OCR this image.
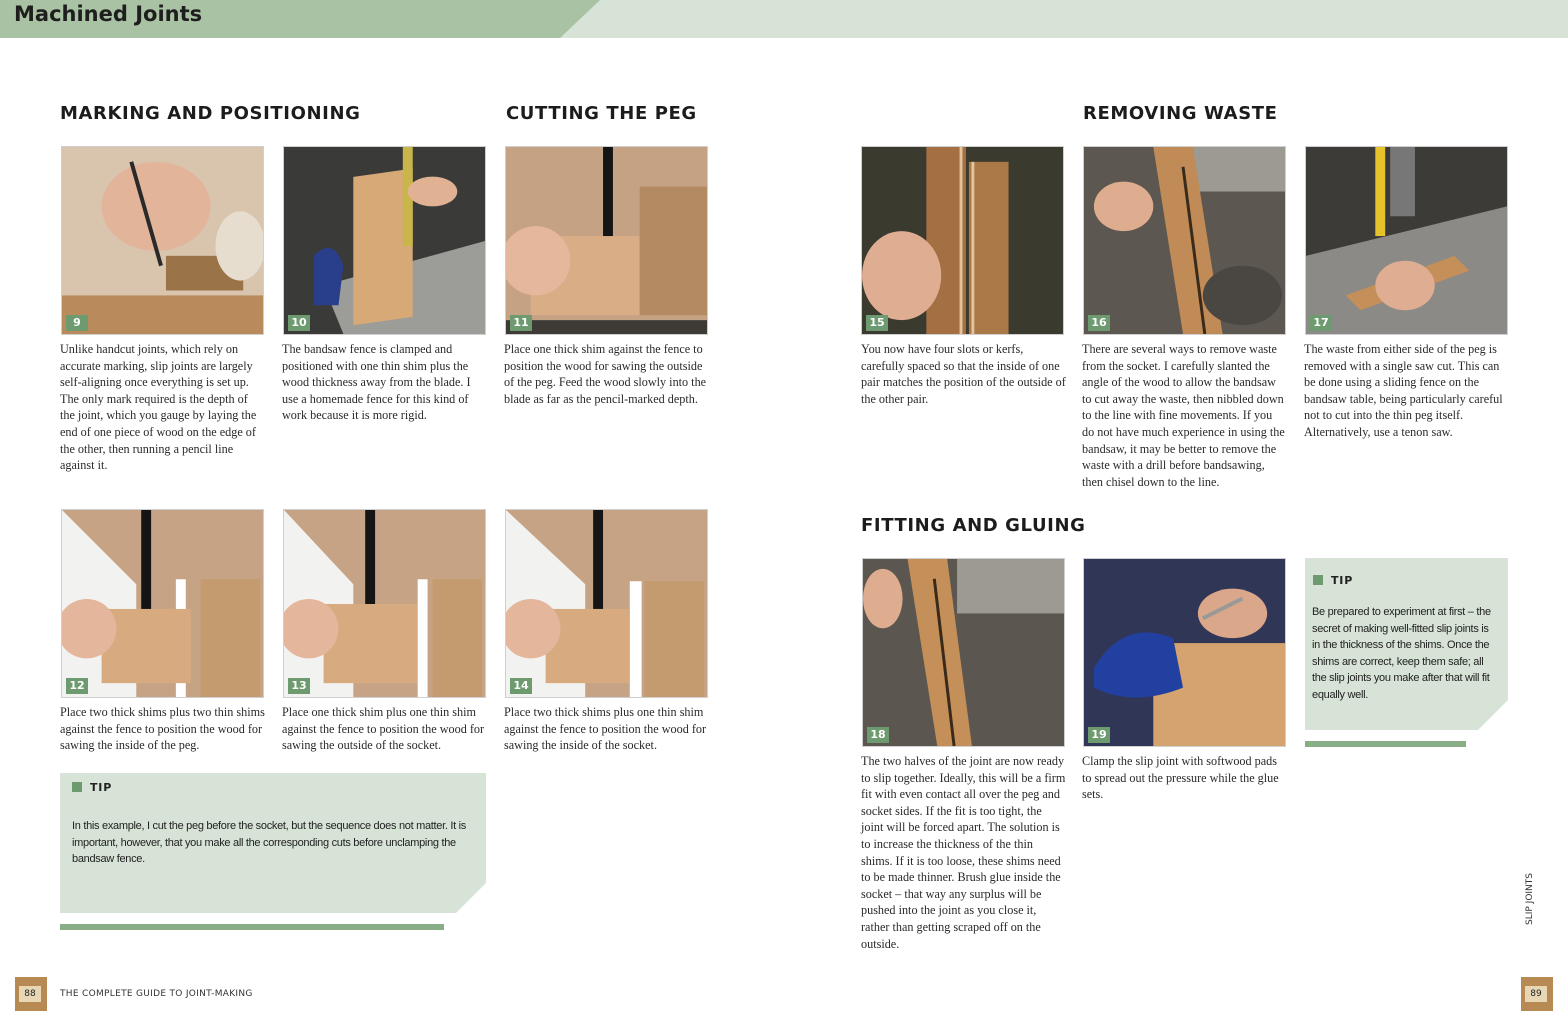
Machined Joints
MARKING AND POSITIONING	CUTTING THE PEG	REMOVING WASTE
FITTING AND GLUING
9
Unlike handcut joints, which rely on accurate marking, slip joints are largely self-aligning once everything is set up. The only mark required is the depth of the joint, which you gauge by laying the end of one piece of wood on the edge of the other, then running a pencil line against it.
10
The bandsaw fence is clamped and positioned with one thin shim plus the wood thickness away from the blade. I use a homemade fence for this kind of work because it is more rigid.
11
Place one thick shim against the fence to position the wood for sawing the outside of the peg. Feed the wood slowly into the blade as far as the pencil-marked depth.
12
Place two thick shims plus two thin shims against the fence to position the wood for sawing the inside of the peg.
13
Place one thick shim plus one thin shim against the fence to position the wood for sawing the outside of the socket.
14
Place two thick shims plus one thin shim against the fence to position the wood for sawing the inside of the socket.
15
You now have four slots or kerfs, carefully spaced so that the inside of one pair matches the position of the outside of the other pair.
16
There are several ways to remove waste from the socket. I carefully slanted the angle of the wood to allow the bandsaw to cut away the waste, then nibbled down to the line with fine movements. If you do not have much experience in using the bandsaw, it may be better to remove the waste with a drill before bandsawing, then chisel down to the line.
17
The waste from either side of the peg is removed with a single saw cut. This can be done using a sliding fence on the bandsaw table, being particularly careful not to cut into the thin peg itself. Alternatively, use a tenon saw.
18
The two halves of the joint are now ready to slip together. Ideally, this will be a firm fit with even contact all over the peg and socket sides. If the fit is too tight, the joint will be forced apart. The solution is to increase the thickness of the thin shims. If it is too loose, these shims need to be made thinner. Brush glue inside the socket – that way any surplus will be pushed into the joint as you close it, rather than getting scraped off on the outside.
19
Clamp the slip joint with softwood pads to spread out the pressure while the glue sets.
TIP
In this example, I cut the peg before the socket, but the sequence does not matter. It is important, however, that you make all the corresponding cuts before unclamping the bandsaw fence.
TIP
Be prepared to experiment at first – the secret of making well-fitted slip joints is in the thickness of the shims. Once the shims are correct, keep them safe; all the slip joints you make after that will fit equally well.
88	THE COMPLETE GUIDE TO JOINT-MAKING	89
SLIP JOINTS
